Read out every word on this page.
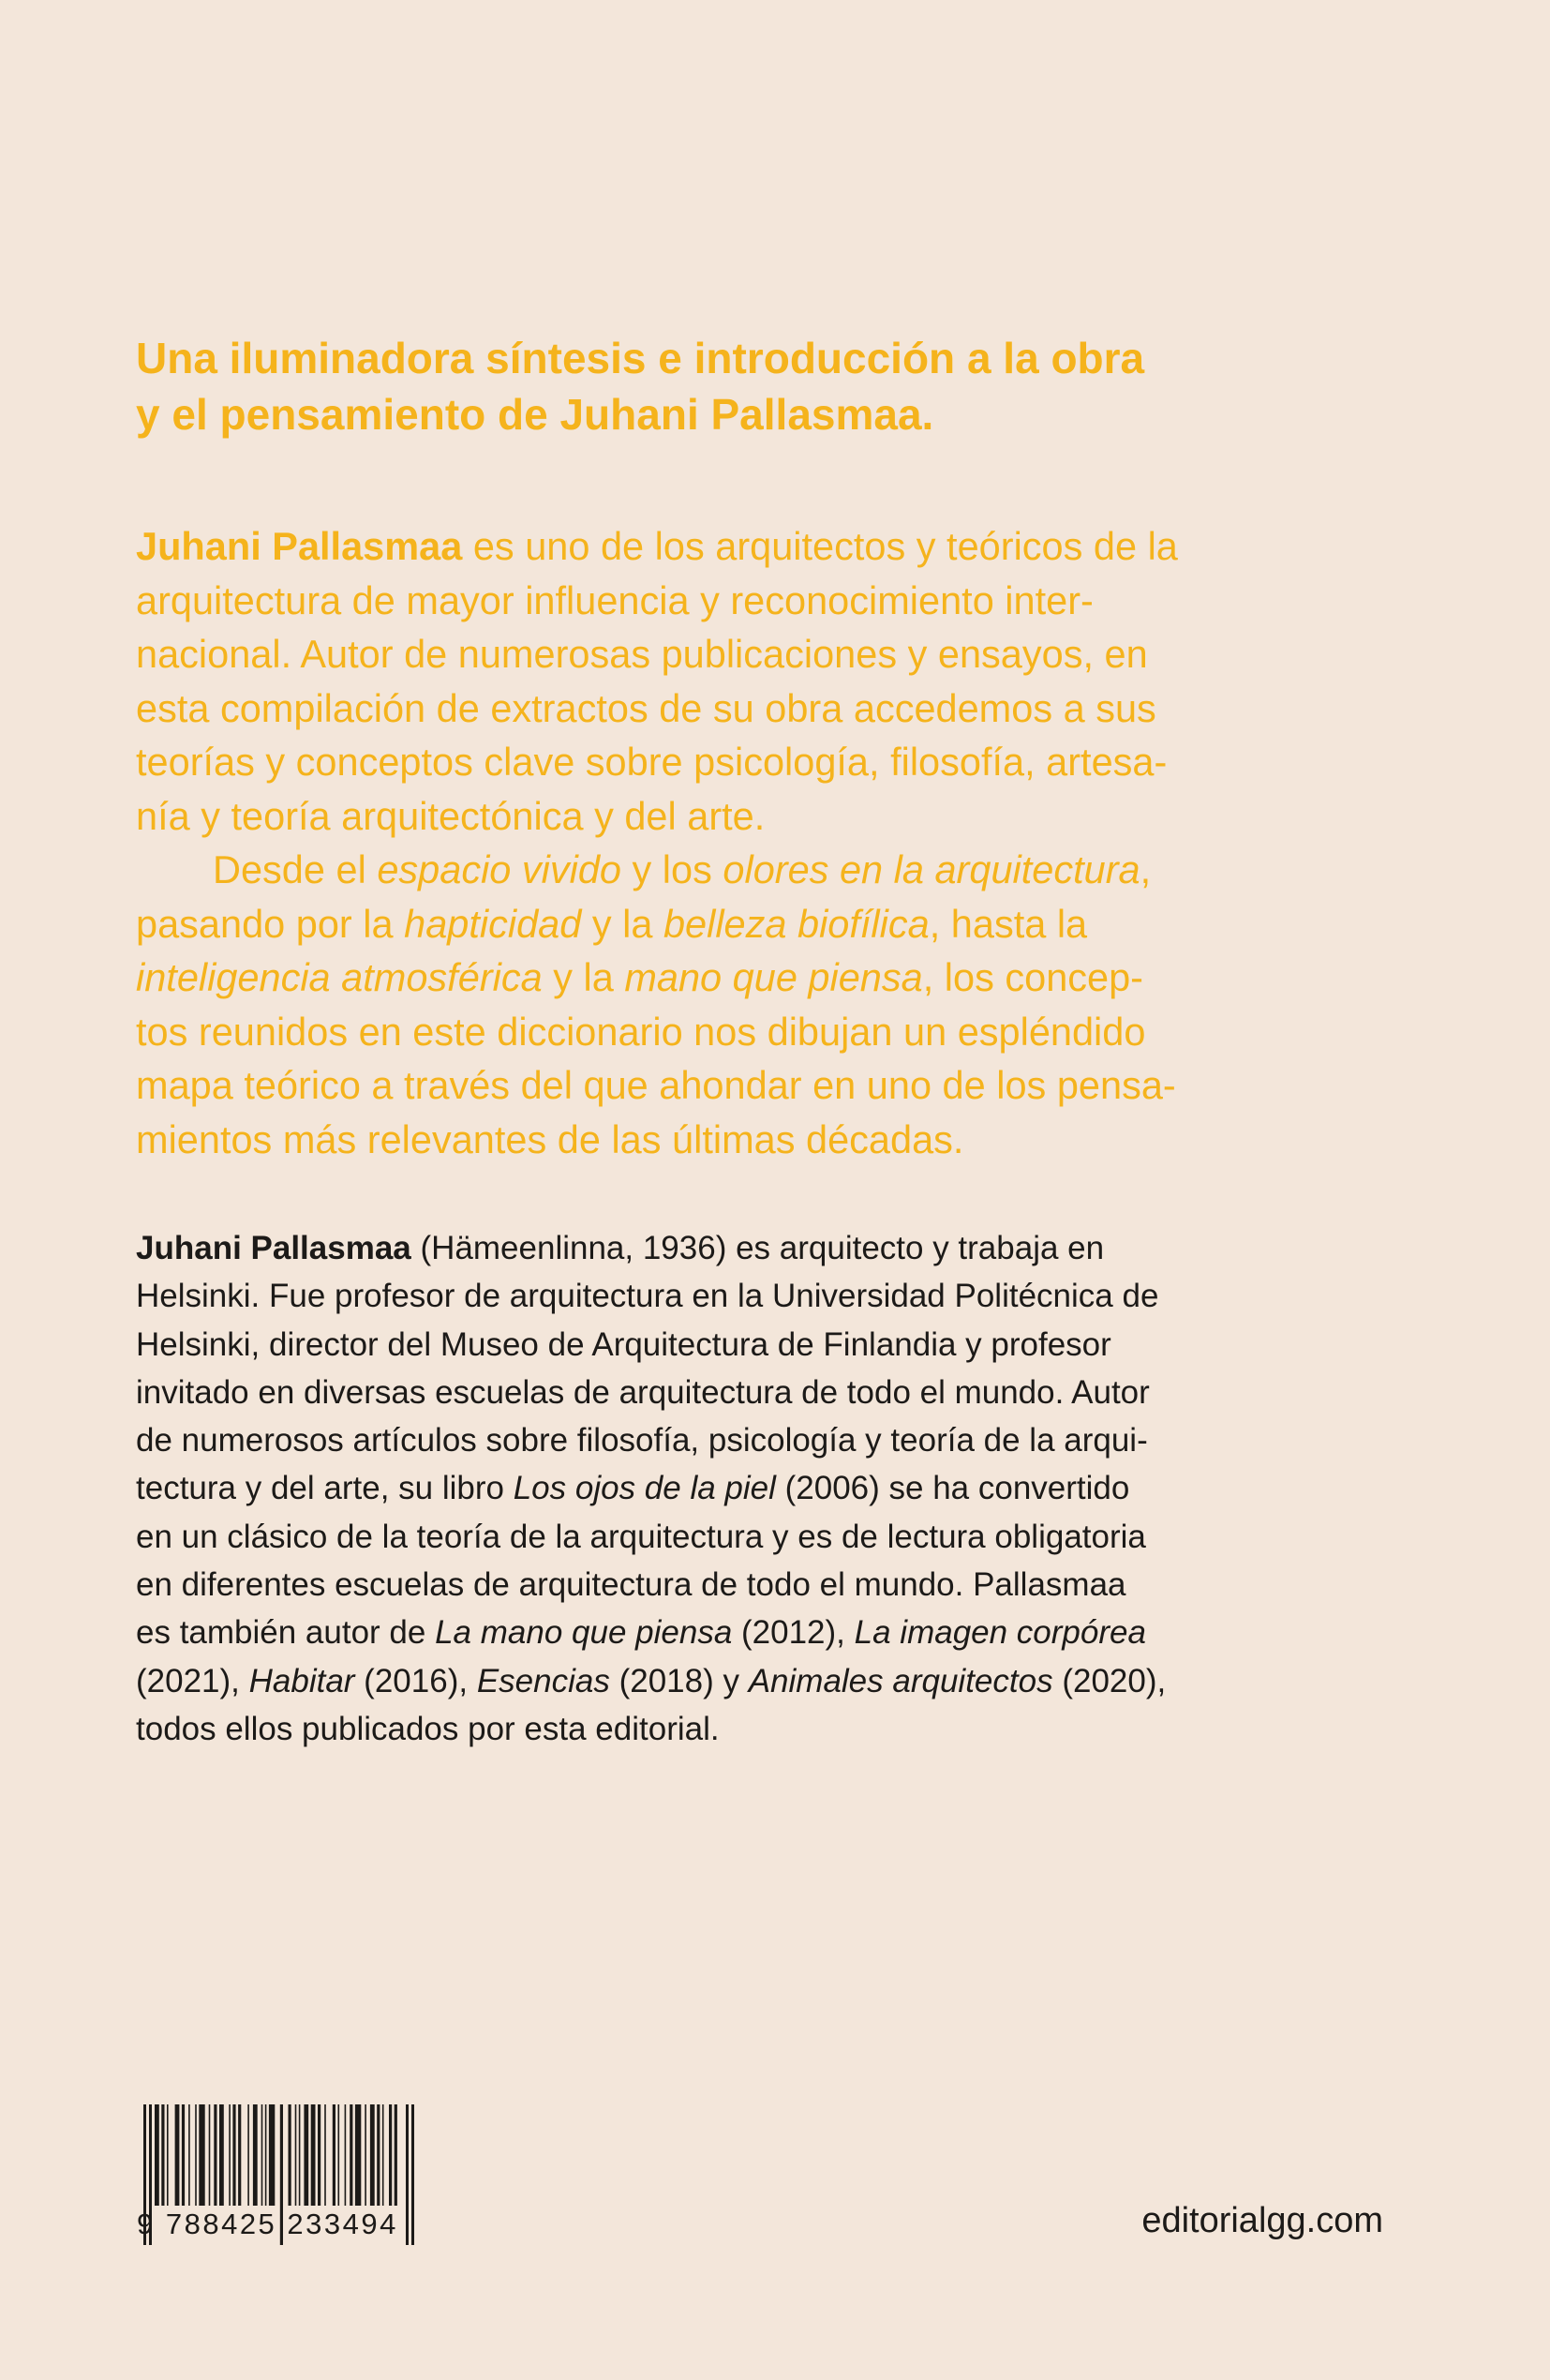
Una iluminadora síntesis e introducción a la obra
y el pensamiento de Juhani Pallasmaa.
Juhani Pallasmaa es uno de los arquitectos y teóricos de la
arquitectura de mayor influencia y reconocimiento inter-
nacional. Autor de numerosas publicaciones y ensayos, en
esta compilación de extractos de su obra accedemos a sus
teorías y conceptos clave sobre psicología, filosofía, artesa-
nía y teoría arquitectónica y del arte.
Desde el espacio vivido y los olores en la arquitectura,
pasando por la hapticidad y la belleza biofílica, hasta la
inteligencia atmosférica y la mano que piensa, los concep-
tos reunidos en este diccionario nos dibujan un espléndido
mapa teórico a través del que ahondar en uno de los pensa-
mientos más relevantes de las últimas décadas.
Juhani Pallasmaa (Hämeenlinna, 1936) es arquitecto y trabaja en
Helsinki. Fue profesor de arquitectura en la Universidad Politécnica de
Helsinki, director del Museo de Arquitectura de Finlandia y profesor
invitado en diversas escuelas de arquitectura de todo el mundo. Autor
de numerosos artículos sobre filosofía, psicología y teoría de la arqui-
tectura y del arte, su libro Los ojos de la piel (2006) se ha convertido
en un clásico de la teoría de la arquitectura y es de lectura obligatoria
en diferentes escuelas de arquitectura de todo el mundo. Pallasmaa
es también autor de La mano que piensa (2012), La imagen corpórea
(2021), Habitar (2016), Esencias (2018) y Animales arquitectos (2020),
todos ellos publicados por esta editorial.
9 788425 233494	editorialgg.com
